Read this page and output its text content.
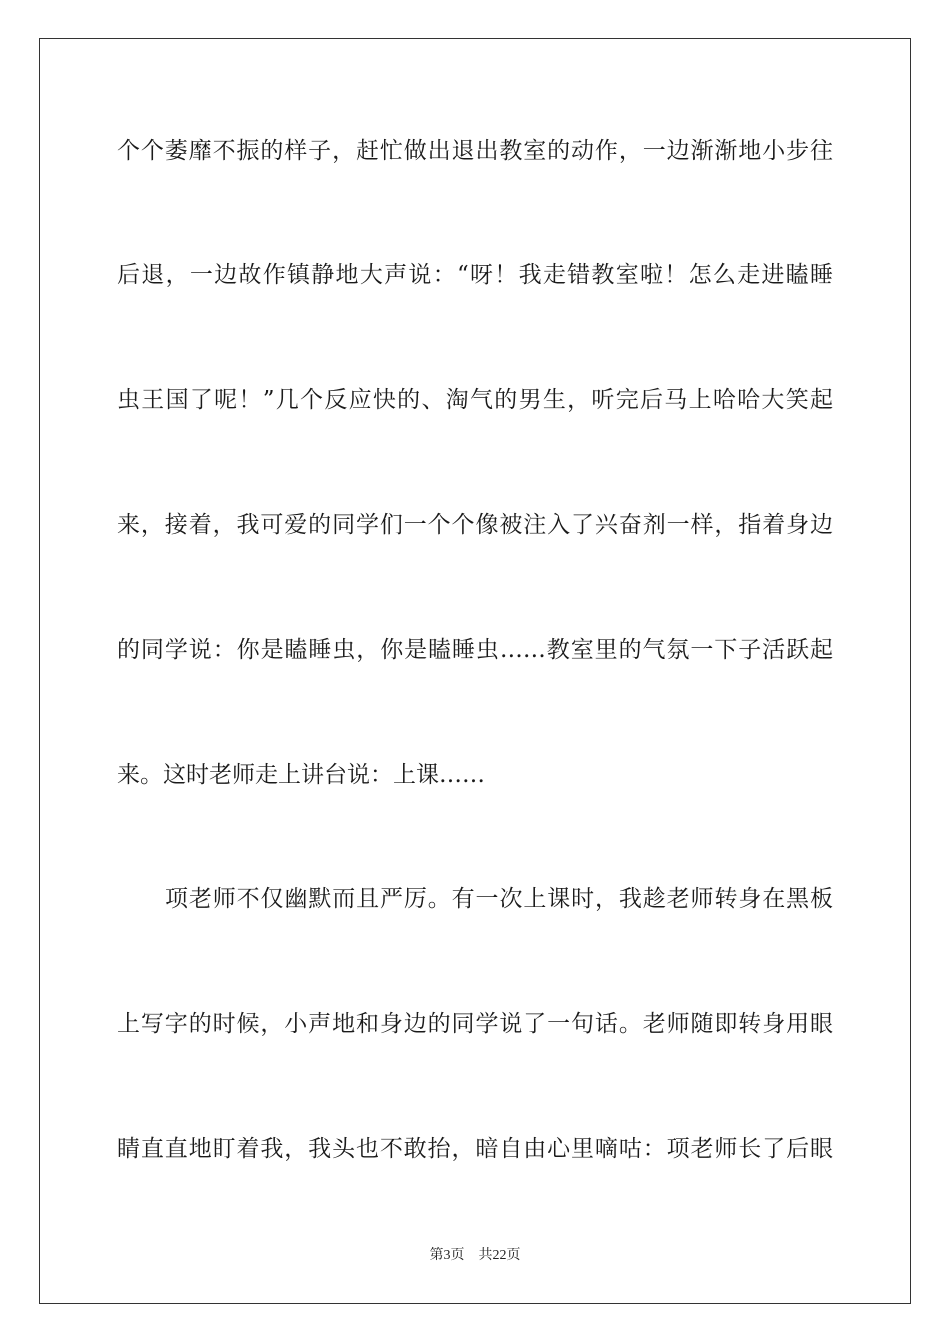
个个萎靡不振的样子，赶忙做出退出教室的动作，一边渐渐地小步往
后退，一边故作镇静地大声说：“呀！我走错教室啦！怎么走进瞌睡
虫王国了呢！”几个反应快的、淘气的男生，听完后马上哈哈大笑起
来，接着，我可爱的同学们一个个像被注入了兴奋剂一样，指着身边
的同学说：你是瞌睡虫，你是瞌睡虫……教室里的气氛一下子活跃起
来。这时老师走上讲台说：上课……
项老师不仅幽默而且严厉。有一次上课时，我趁老师转身在黑板
上写字的时候，小声地和身边的同学说了一句话。老师随即转身用眼
睛直直地盯着我，我头也不敢抬，暗自由心里嘀咕：项老师长了后眼
第3页 共22页
